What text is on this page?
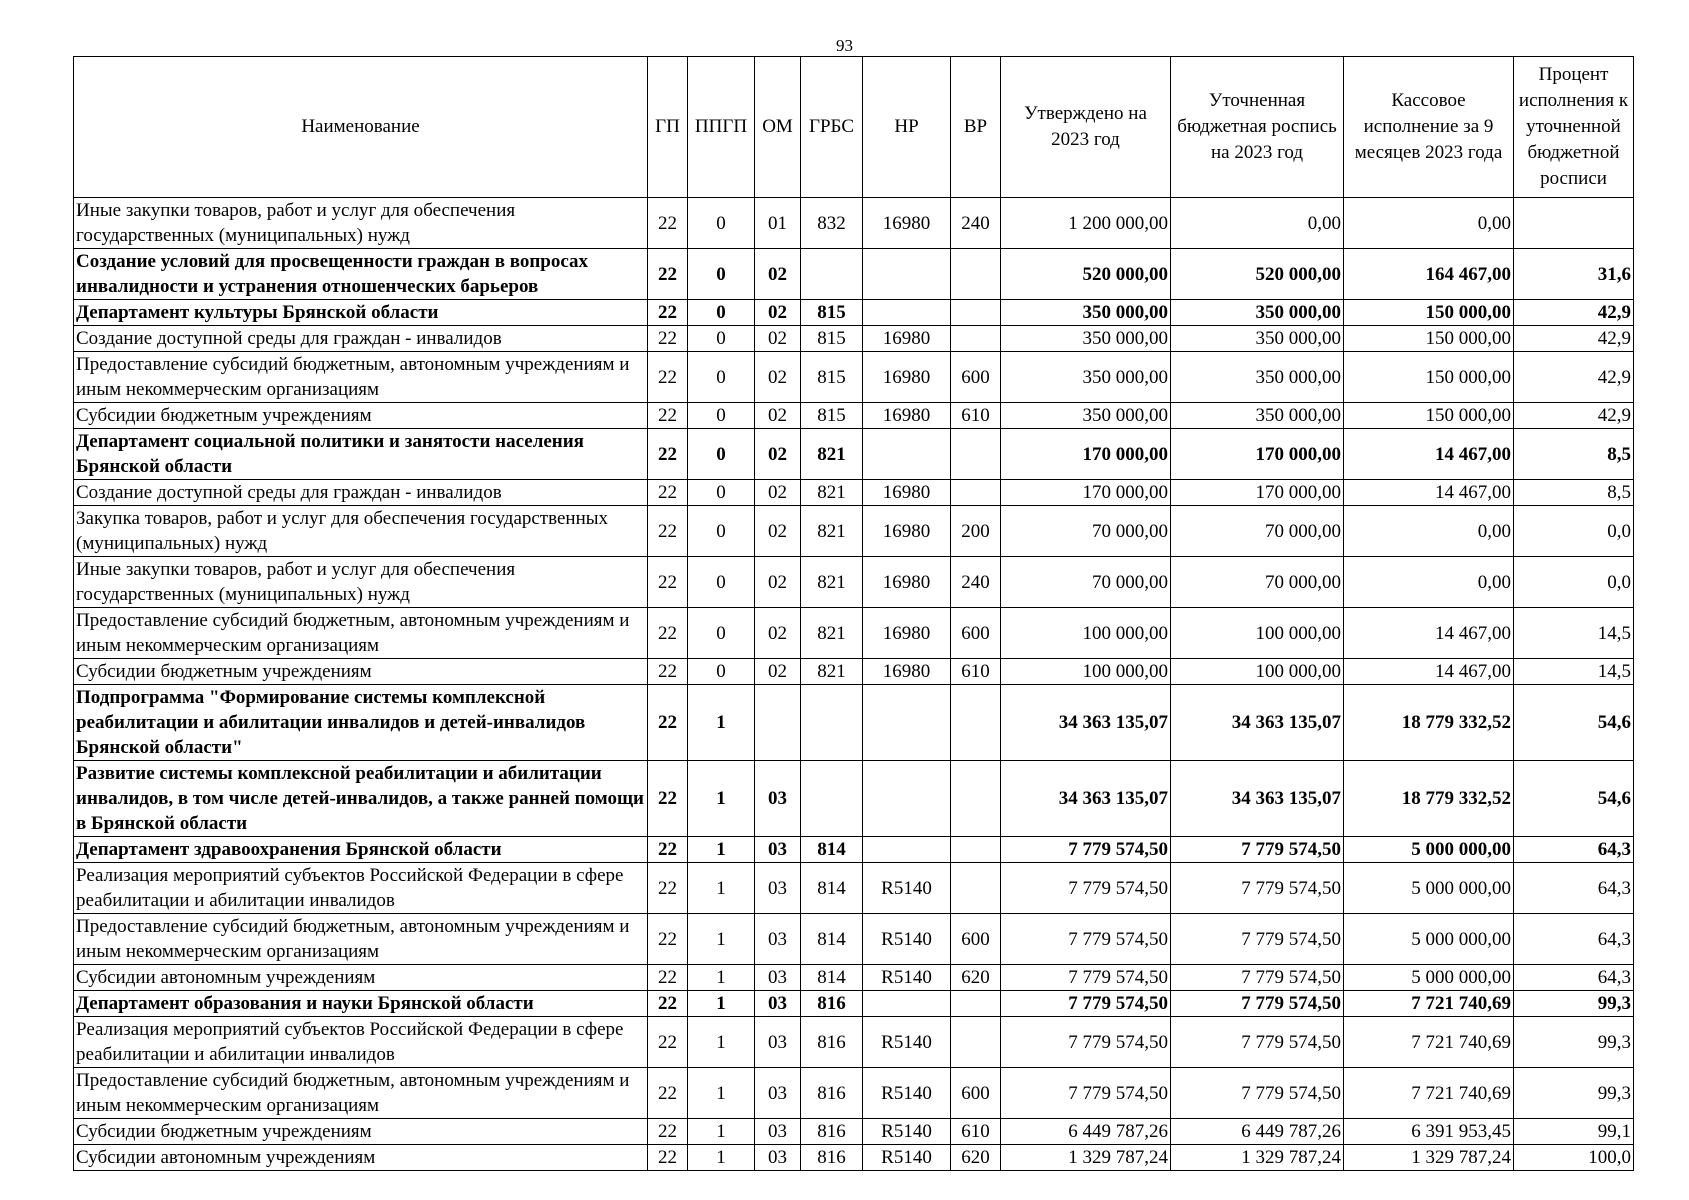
93
Наименование	ГП	ППГП	ОМ	ГРБС	НР	ВР	Утверждено на 2023 год	Уточненная бюджетная роспись на 2023 год	Кассовое исполнение за 9 месяцев 2023 года	Процент исполнения к уточненной бюджетной росписи
Иные закупки товаров, работ и услуг для обеспечения государственных (муниципальных) нужд	22	0	01	832	16980	240	1 200 000,00	0,00	0,00	
Создание условий для просвещенности граждан в вопросах инвалидности и устранения отношенческих барьеров	22	0	02				520 000,00	520 000,00	164 467,00	31,6
Департамент культуры Брянской области	22	0	02	815			350 000,00	350 000,00	150 000,00	42,9
Создание доступной среды для граждан - инвалидов	22	0	02	815	16980		350 000,00	350 000,00	150 000,00	42,9
Предоставление субсидий бюджетным, автономным учреждениям и иным некоммерческим организациям	22	0	02	815	16980	600	350 000,00	350 000,00	150 000,00	42,9
Субсидии бюджетным учреждениям	22	0	02	815	16980	610	350 000,00	350 000,00	150 000,00	42,9
Департамент социальной политики и занятости населения Брянской области	22	0	02	821			170 000,00	170 000,00	14 467,00	8,5
Создание доступной среды для граждан - инвалидов	22	0	02	821	16980		170 000,00	170 000,00	14 467,00	8,5
Закупка товаров, работ и услуг для обеспечения государственных (муниципальных) нужд	22	0	02	821	16980	200	70 000,00	70 000,00	0,00	0,0
Иные закупки товаров, работ и услуг для обеспечения государственных (муниципальных) нужд	22	0	02	821	16980	240	70 000,00	70 000,00	0,00	0,0
Предоставление субсидий бюджетным, автономным учреждениям и иным некоммерческим организациям	22	0	02	821	16980	600	100 000,00	100 000,00	14 467,00	14,5
Субсидии бюджетным учреждениям	22	0	02	821	16980	610	100 000,00	100 000,00	14 467,00	14,5
Подпрограмма "Формирование системы комплексной реабилитации и абилитации инвалидов и детей-инвалидов Брянской области"	22	1					34 363 135,07	34 363 135,07	18 779 332,52	54,6
Развитие системы комплексной реабилитации и абилитации инвалидов, в том числе детей-инвалидов, а также ранней помощи в Брянской области	22	1	03				34 363 135,07	34 363 135,07	18 779 332,52	54,6
Департамент здравоохранения Брянской области	22	1	03	814			7 779 574,50	7 779 574,50	5 000 000,00	64,3
Реализация мероприятий субъектов Российской Федерации в сфере реабилитации и абилитации инвалидов	22	1	03	814	R5140		7 779 574,50	7 779 574,50	5 000 000,00	64,3
Предоставление субсидий бюджетным, автономным учреждениям и иным некоммерческим организациям	22	1	03	814	R5140	600	7 779 574,50	7 779 574,50	5 000 000,00	64,3
Субсидии автономным учреждениям	22	1	03	814	R5140	620	7 779 574,50	7 779 574,50	5 000 000,00	64,3
Департамент образования и науки Брянской области	22	1	03	816			7 779 574,50	7 779 574,50	7 721 740,69	99,3
Реализация мероприятий субъектов Российской Федерации в сфере реабилитации и абилитации инвалидов	22	1	03	816	R5140		7 779 574,50	7 779 574,50	7 721 740,69	99,3
Предоставление субсидий бюджетным, автономным учреждениям и иным некоммерческим организациям	22	1	03	816	R5140	600	7 779 574,50	7 779 574,50	7 721 740,69	99,3
Субсидии бюджетным учреждениям	22	1	03	816	R5140	610	6 449 787,26	6 449 787,26	6 391 953,45	99,1
Субсидии автономным учреждениям	22	1	03	816	R5140	620	1 329 787,24	1 329 787,24	1 329 787,24	100,0
